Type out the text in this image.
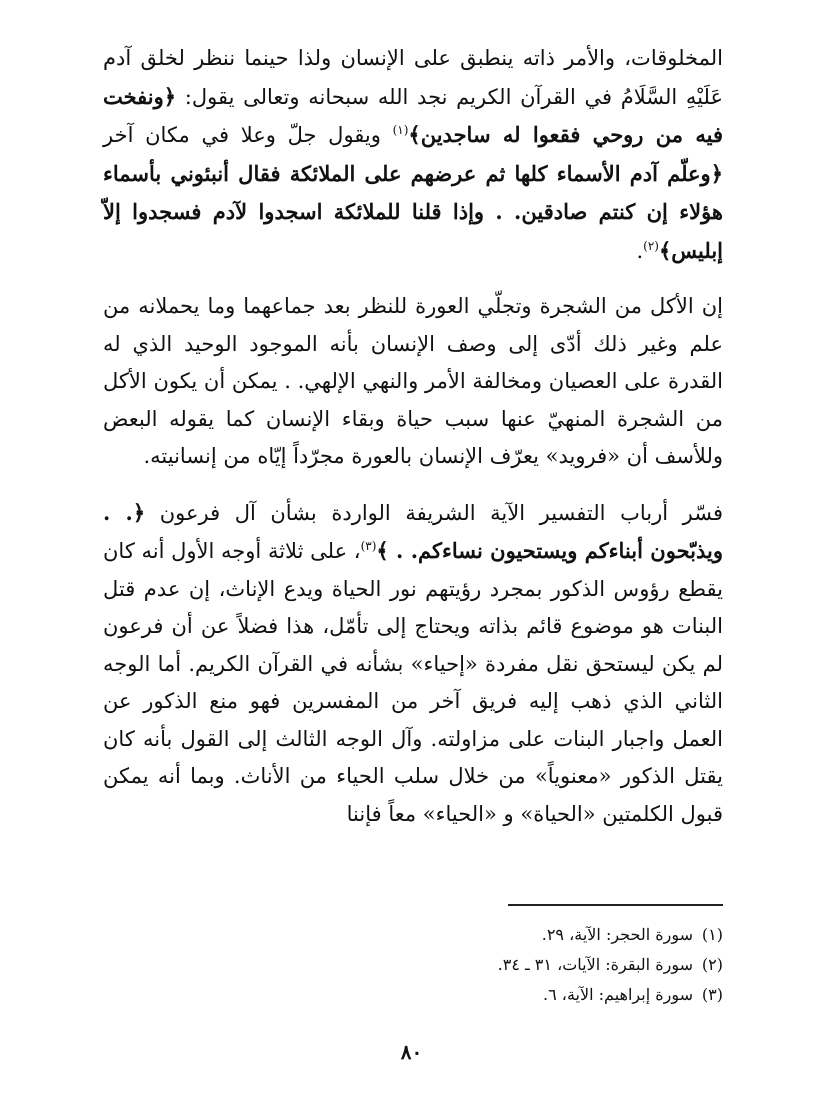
المخلوقات، والأمر ذاته ينطبق على الإنسان ولذا حينما ننظر لخلق آدم عَلَيْهِ السَّلَامُ في القرآن الكريم نجد الله سبحانه وتعالى يقول: ﴿ونفخت فيه من روحي فقعوا له ساجدين﴾$^{(١)}$ ويقول جلّ وعلا في مكان آخر ﴿وعلّم آدم الأسماء كلها ثم عرضهم على الملائكة فقال أنبئوني بأسماء هؤلاء إن كنتم صادقين. . وإذا قلنا للملائكة اسجدوا لآدم فسجدوا إلاّ إبليس﴾$^{(٢)}$.

إن الأكل من الشجرة وتجلّي العورة للنظر بعد جماعهما وما يحملانه من علم وغير ذلك أدّى إلى وصف الإنسان بأنه الموجود الوحيد الذي له القدرة على العصيان ومخالفة الأمر والنهي الإلهي. . يمكن أن يكون الأكل من الشجرة المنهيّ عنها سبب حياة وبقاء الإنسان كما يقوله البعض وللأسف أن «فرويد» يعرّف الإنسان بالعورة مجرّداً إيّاه من إنسانيته.

فسّر أرباب التفسير الآية الشريفة الواردة بشأن آل فرعون ﴿. . ويذبّحون أبناءكم ويستحيون نساءكم. . ﴾$^{(٣)}$، على ثلاثة أوجه الأول أنه كان يقطع رؤوس الذكور بمجرد رؤيتهم نور الحياة ويدع الإناث، إن عدم قتل البنات هو موضوع قائم بذاته ويحتاج إلى تأمّل، هذا فضلاً عن أن فرعون لم يكن ليستحق نقل مفردة «إحياء» بشأنه في القرآن الكريم. أما الوجه الثاني الذي ذهب إليه فريق آخر من المفسرين فهو منع الذكور عن العمل واجبار البنات على مزاولته. وآل الوجه الثالث إلى القول بأنه كان يقتل الذكور «معنوياً» من خلال سلب الحياء من الأناث. وبما أنه يمكن قبول الكلمتين «الحياة» و «الحياء» معاً فإننا

(١)سورة الحجر: الآية، ٢٩.

(٢)سورة البقرة: الآيات، ٣١ ـ ٣٤.

(٣)سورة إبراهيم: الآية، ٦.

٨٠
